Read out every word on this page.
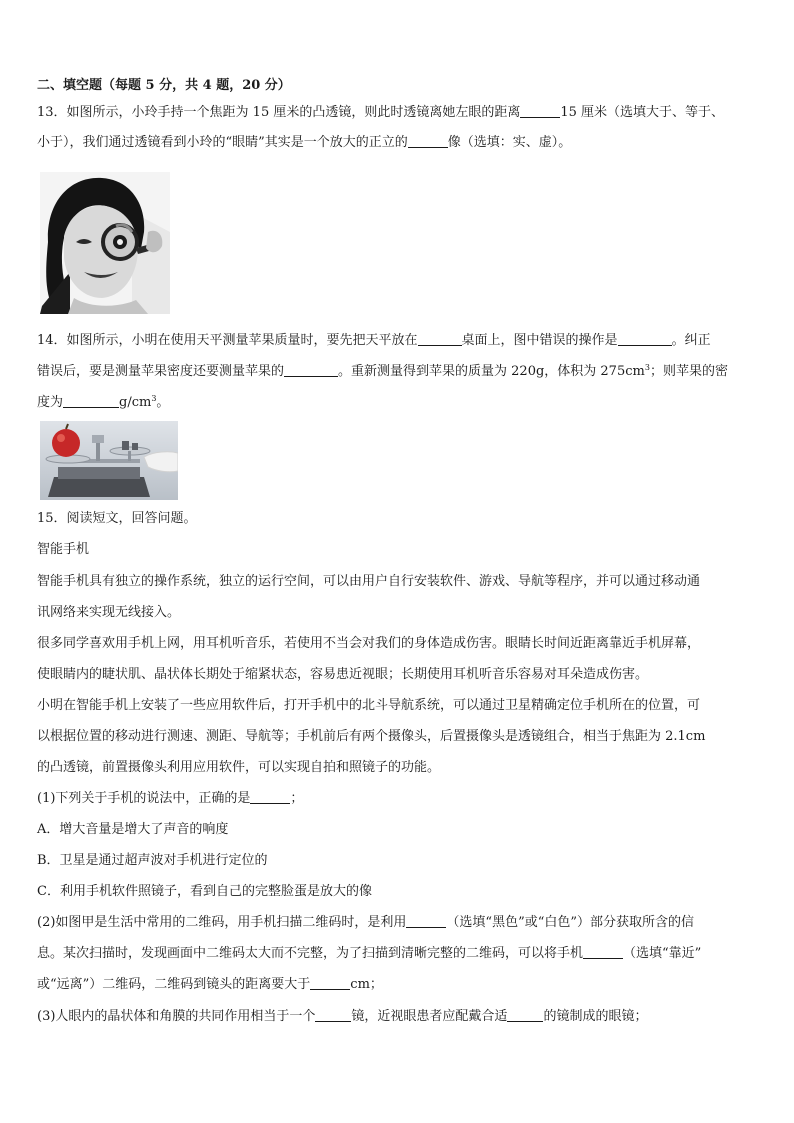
二、填空题（每题 5 分，共 4 题，20 分）
13．如图所示，小玲手持一个焦距为 15 厘米的凸透镜，则此时透镜离她左眼的距离	15 厘米（选填大于、等于、
小于），我们通过透镜看到小玲的“眼睛”其实是一个放大的正立的	像（选填：实、虚）。
14．如图所示，小明在使用天平测量苹果质量时，要先把天平放在	桌面上，图中错误的操作是	。纠正
错误后，要是测量苹果密度还要测量苹果的	。重新测量得到苹果的质量为 220g，体积为 $275cm^3$；则苹果的密
度为	$g/cm^3$。
15．阅读短文，回答问题。
智能手机
智能手机具有独立的操作系统，独立的运行空间，可以由用户自行安装软件、游戏、导航等程序，并可以通过移动通
讯网络来实现无线接入。
很多同学喜欢用手机上网，用耳机听音乐，若使用不当会对我们的身体造成伤害。眼睛长时间近距离靠近手机屏幕，
使眼睛内的睫状肌、晶状体长期处于缩紧状态，容易患近视眼；长期使用耳机听音乐容易对耳朵造成伤害。
小明在智能手机上安装了一些应用软件后，打开手机中的北斗导航系统，可以通过卫星精确定位手机所在的位置，可
以根据位置的移动进行测速、测距、导航等；手机前后有两个摄像头，后置摄像头是透镜组合，相当于焦距为 2.1cm
的凸透镜，前置摄像头利用应用软件，可以实现自拍和照镜子的功能。
(1)下列关于手机的说法中，正确的是	；
A．增大音量是增大了声音的响度
B．卫星是通过超声波对手机进行定位的
C．利用手机软件照镜子，看到自己的完整脸蛋是放大的像
(2)如图甲是生活中常用的二维码，用手机扫描二维码时，是利用	（选填“黑色”或“白色”）部分获取所含的信
息。某次扫描时，发现画面中二维码太大而不完整，为了扫描到清晰完整的二维码，可以将手机	（选填“靠近”
或“远离”）二维码，二维码到镜头的距离要大于	cm；
(3)人眼内的晶状体和角膜的共同作用相当于一个	镜，近视眼患者应配戴合适	的镜制成的眼镜；
